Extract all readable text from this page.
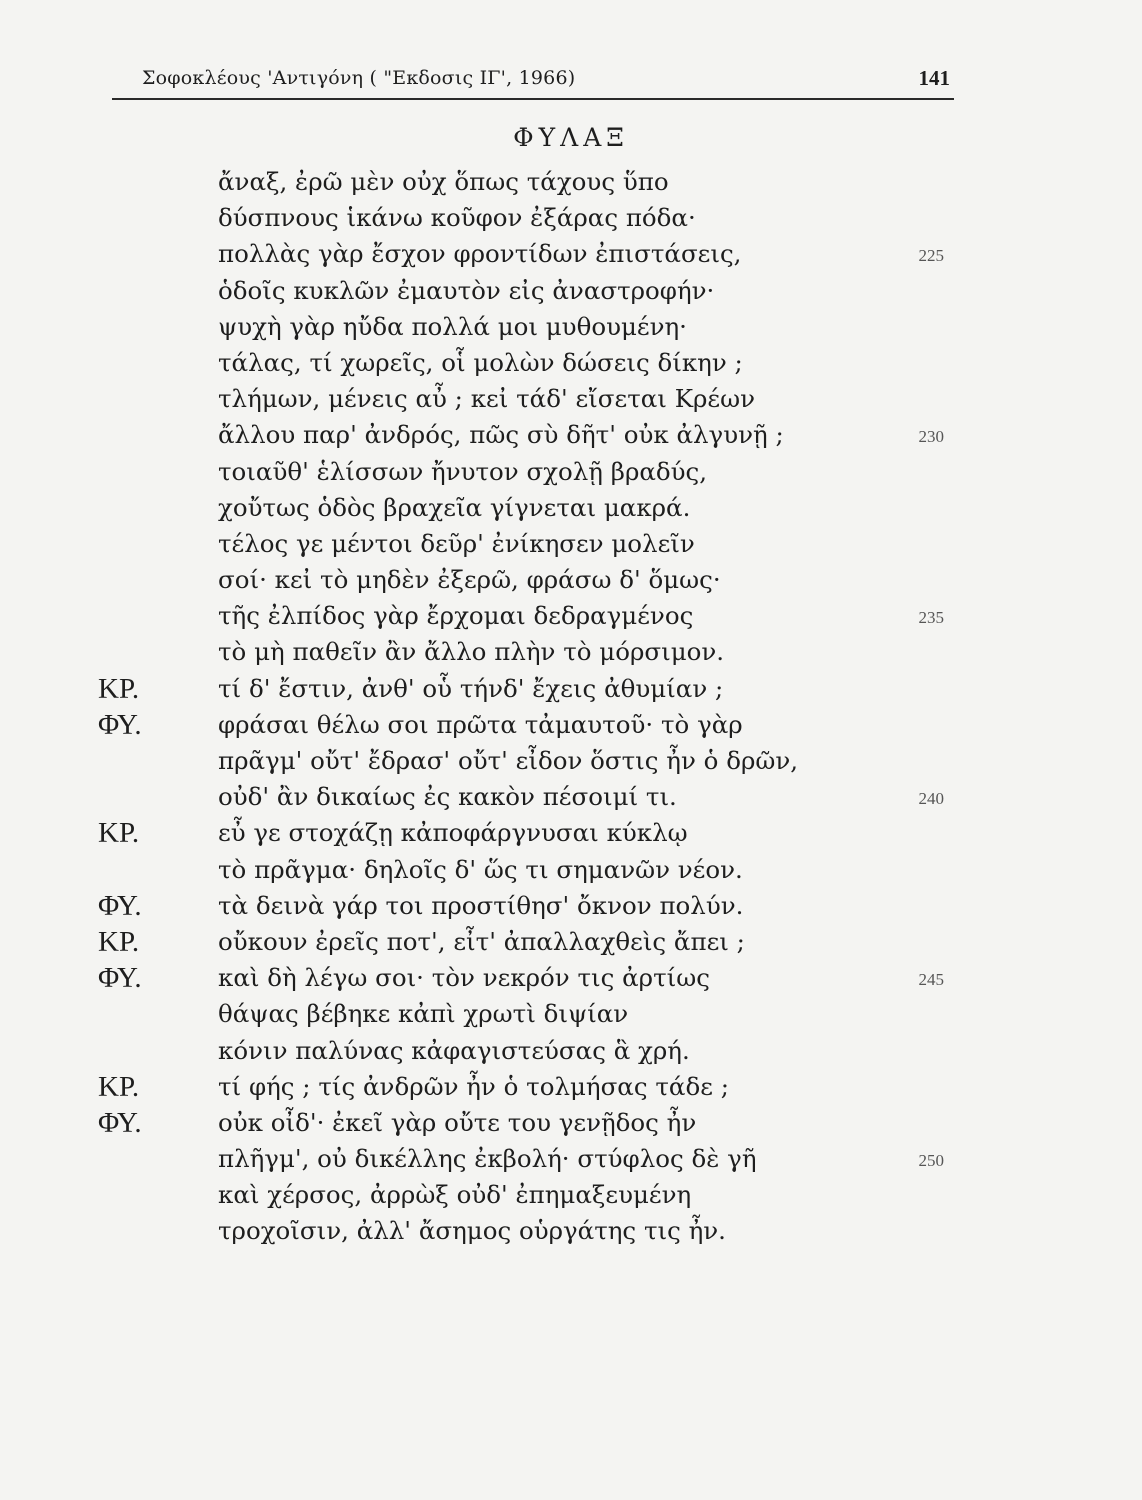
Σοφοκλέους 'Αντιγόνη ( "Εκδοσις ΙΓ', 1966)	141
ΦΥΛΑΞ
ἄναξ, ἐρῶ μὲν οὐχ ὅπως τάχους ὕπο
δύσπνους ἱκάνω κοῦφον ἐξάρας πόδα·
πολλὰς γὰρ ἔσχον φροντίδων ἐπιστάσεις,	225
ὁδοῖς κυκλῶν ἐμαυτὸν εἰς ἀναστροφήν·
ψυχὴ γὰρ ηὔδα πολλά μοι μυθουμένη·
τάλας, τί χωρεῖς, οἷ μολὼν δώσεις δίκην ;
τλήμων, μένεις αὖ ; κεἰ τάδ' εἴσεται Κρέων
ἄλλου παρ' ἀνδρός, πῶς σὺ δῆτ' οὐκ ἀλγυνῇ ;	230
τοιαῦθ' ἑλίσσων ἤνυτον σχολῇ βραδύς,
χοὔτως ὁδὸς βραχεῖα γίγνεται μακρά.
τέλος γε μέντοι δεῦρ' ἐνίκησεν μολεῖν
σοί· κεἰ τὸ μηδὲν ἐξερῶ, φράσω δ' ὅμως·
τῆς ἐλπίδος γὰρ ἔρχομαι δεδραγμένος	235
τὸ μὴ παθεῖν ἂν ἄλλο πλὴν τὸ μόρσιμον.
ΚΡ.	τί δ' ἔστιν, ἀνθ' οὗ τήνδ' ἔχεις ἀθυμίαν ;
ΦΥ.	φράσαι θέλω σοι πρῶτα τἀμαυτοῦ· τὸ γὰρ
πρᾶγμ' οὔτ' ἔδρασ' οὔτ' εἶδον ὅστις ἦν ὁ δρῶν,
οὐδ' ἂν δικαίως ἐς κακὸν πέσοιμί τι.	240
ΚΡ.	εὖ γε στοχάζῃ κἀποφάργνυσαι κύκλῳ
τὸ πρᾶγμα· δηλοῖς δ' ὥς τι σημανῶν νέον.
ΦΥ.	τὰ δεινὰ γάρ τοι προστίθησ' ὄκνον πολύν.
ΚΡ.	οὔκουν ἐρεῖς ποτ', εἶτ' ἀπαλλαχθεὶς ἄπει ;
ΦΥ.	καὶ δὴ λέγω σοι· τὸν νεκρόν τις ἀρτίως	245
θάψας βέβηκε κἀπὶ χρωτὶ διψίαν
κόνιν παλύνας κἀφαγιστεύσας ἃ χρή.
ΚΡ.	τί φής ; τίς ἀνδρῶν ἦν ὁ τολμήσας τάδε ;
ΦΥ.	οὐκ οἶδ'· ἐκεῖ γὰρ οὔτε του γενῇδος ἦν
πλῆγμ', οὐ δικέλλης ἐκβολή· στύφλος δὲ γῆ	250
καὶ χέρσος, ἀρρὼξ οὐδ' ἐπημαξευμένη
τροχοῖσιν, ἀλλ' ἄσημος οὑργάτης τις ἦν.
